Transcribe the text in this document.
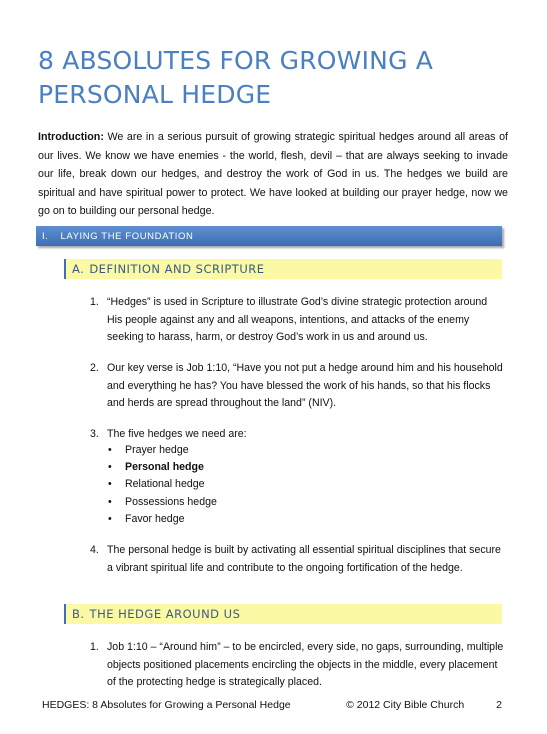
8 ABSOLUTES FOR GROWING A
PERSONAL HEDGE

Introduction: We are in a serious pursuit of growing strategic spiritual hedges around all areas of our lives. We know we have enemies - the world, flesh, devil – that are always seeking to invade our life, break down our hedges, and destroy the work of God in us. The hedges we build are spiritual and have spiritual power to protect. We have looked at building our prayer hedge, now we go on to building our personal hedge.

I. LAYING THE FOUNDATION
A. DEFINITION AND SCRIPTURE
1. “Hedges” is used in Scripture to illustrate God’s divine strategic protection around His people against any and all weapons, intentions, and attacks of the enemy seeking to harass, harm, or destroy God’s work in us and around us.
2. Our key verse is Job 1:10, “Have you not put a hedge around him and his household and everything he has? You have blessed the work of his hands, so that his flocks and herds are spread throughout the land” (NIV).
3. The five hedges we need are:
• Prayer hedge
• Personal hedge
• Relational hedge
• Possessions hedge
• Favor hedge
4. The personal hedge is built by activating all essential spiritual disciplines that secure a vibrant spiritual life and contribute to the ongoing fortification of the hedge.
B. THE HEDGE AROUND US
1. Job 1:10 – “Around him” – to be encircled, every side, no gaps, surrounding, multiple objects positioned placements encircling the objects in the middle, every placement of the protecting hedge is strategically placed.
HEDGES: 8 Absolutes for Growing a Personal Hedge	© 2012 City Bible Church	2
